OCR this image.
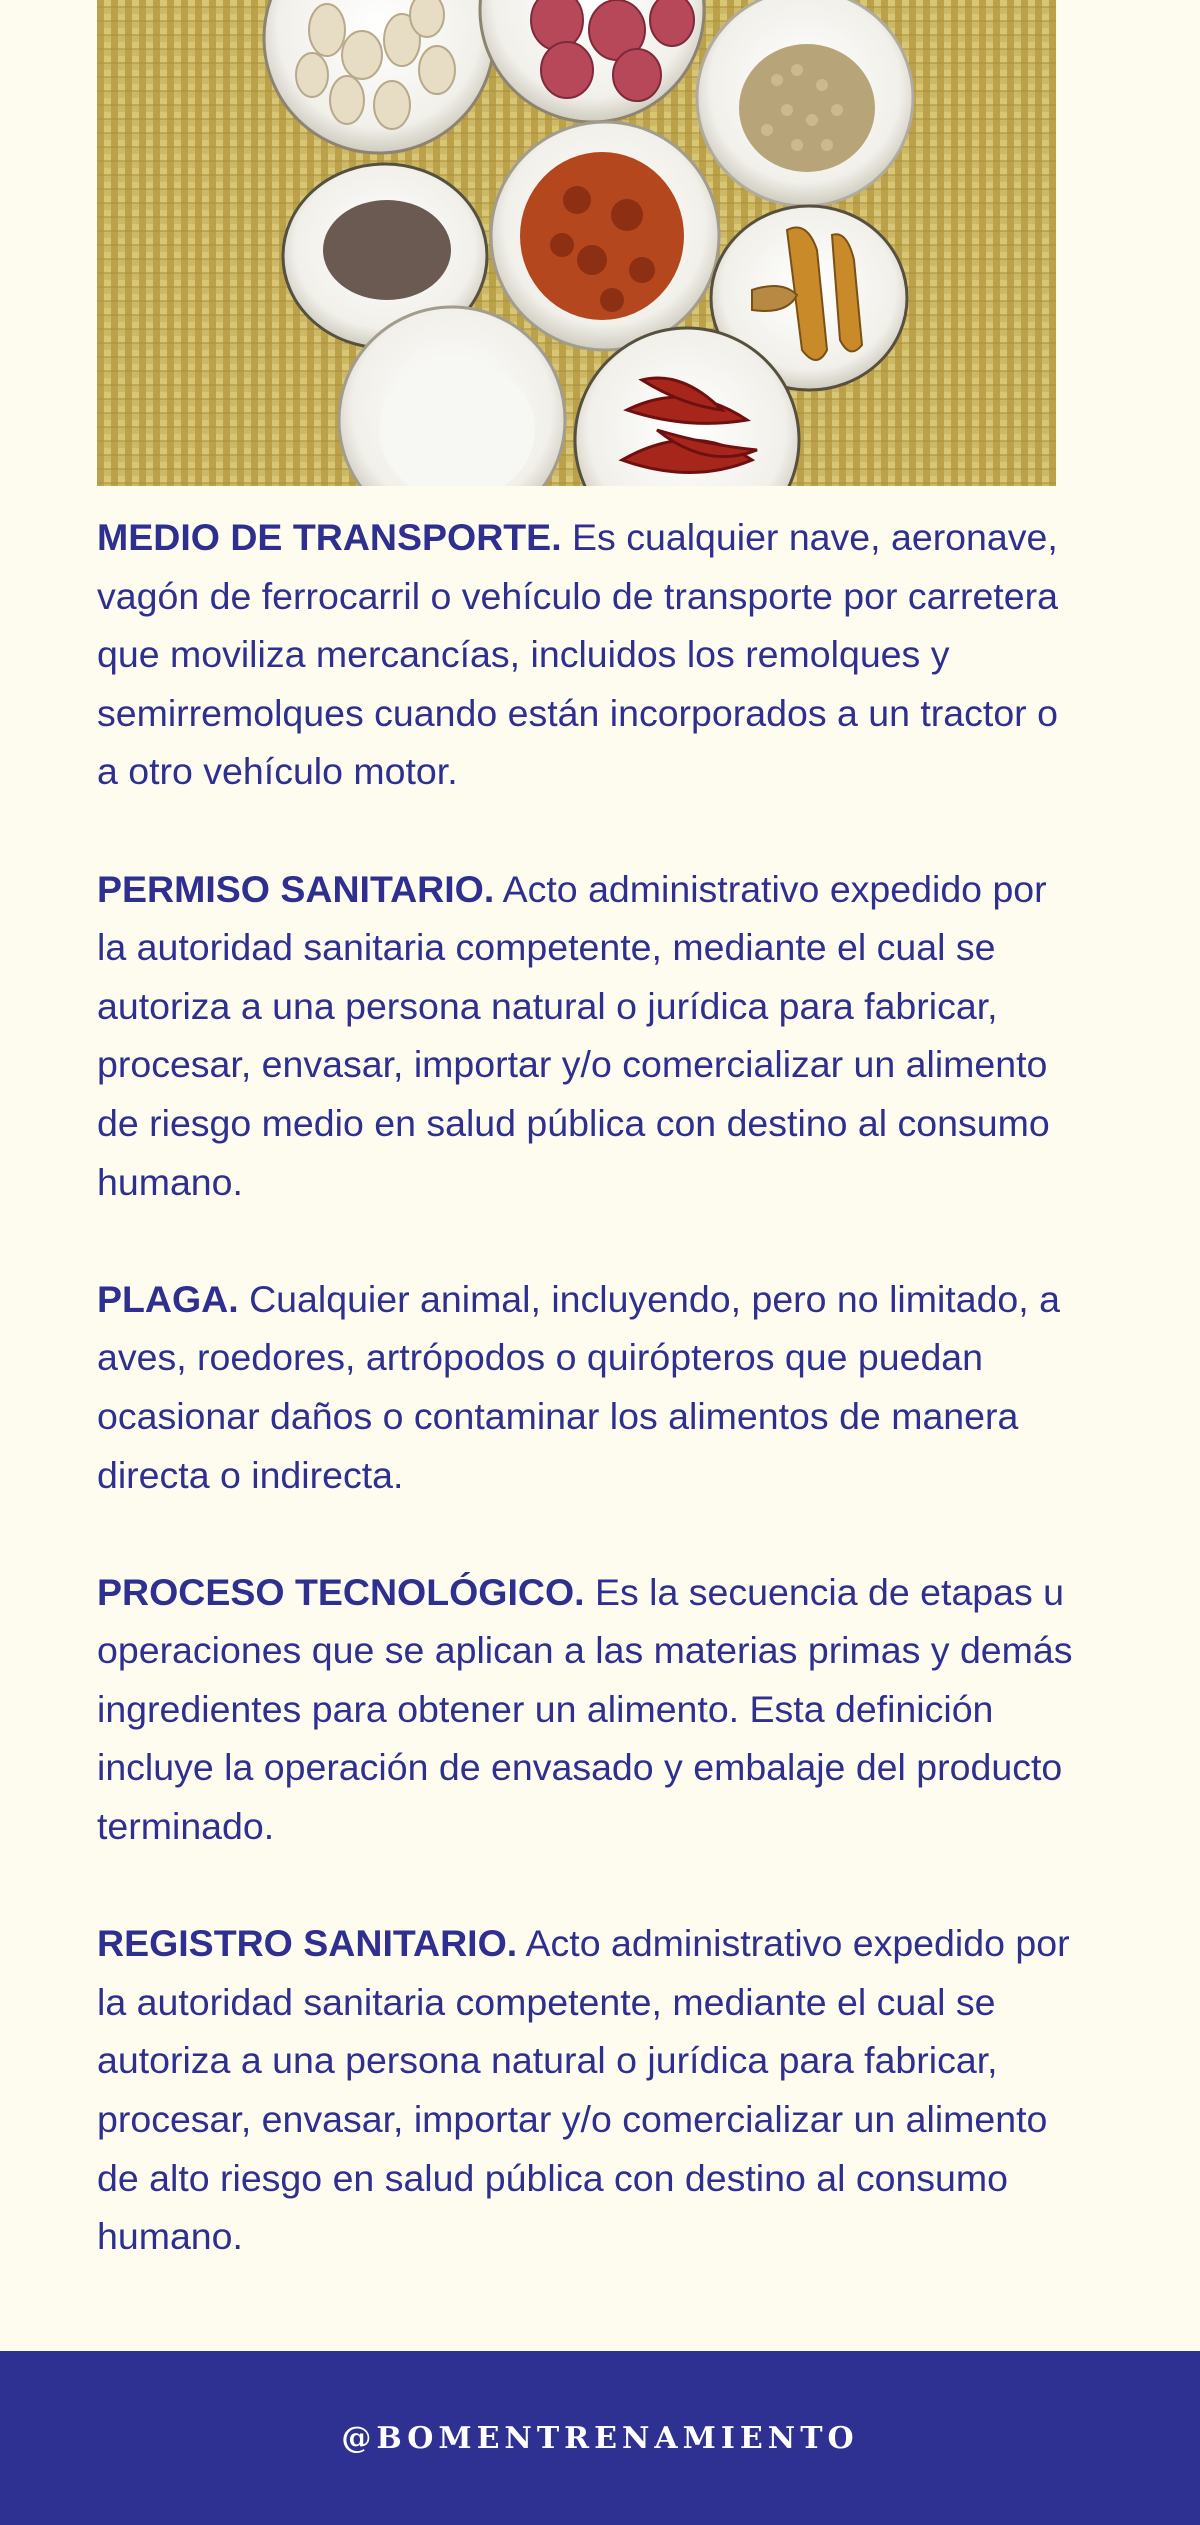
MEDIO DE TRANSPORTE. Es cualquier nave, aeronave, vagón de ferrocarril o vehículo de transporte por carretera que moviliza mercancías, incluidos los remolques y semirremolques cuando están incorporados a un tractor o a otro vehículo motor.

PERMISO SANITARIO. Acto administrativo expedido por la autoridad sanitaria competente, mediante el cual se autoriza a una persona natural o jurídica para fabricar, procesar, envasar, importar y/o comercializar un alimento de riesgo medio en salud pública con destino al consumo humano.

PLAGA. Cualquier animal, incluyendo, pero no limitado, a aves, roedores, artrópodos o quirópteros que puedan ocasionar daños o contaminar los alimentos de manera directa o indirecta.

PROCESO TECNOLÓGICO. Es la secuencia de etapas u operaciones que se aplican a las materias primas y demás ingredientes para obtener un alimento. Esta definición incluye la operación de envasado y embalaje del producto terminado.

REGISTRO SANITARIO. Acto administrativo expedido por la autoridad sanitaria competente, mediante el cual se autoriza a una persona natural o jurídica para fabricar, procesar, envasar, importar y/o comercializar un alimento de alto riesgo en salud pública con destino al consumo humano.

@BOMENTRENAMIENTO
